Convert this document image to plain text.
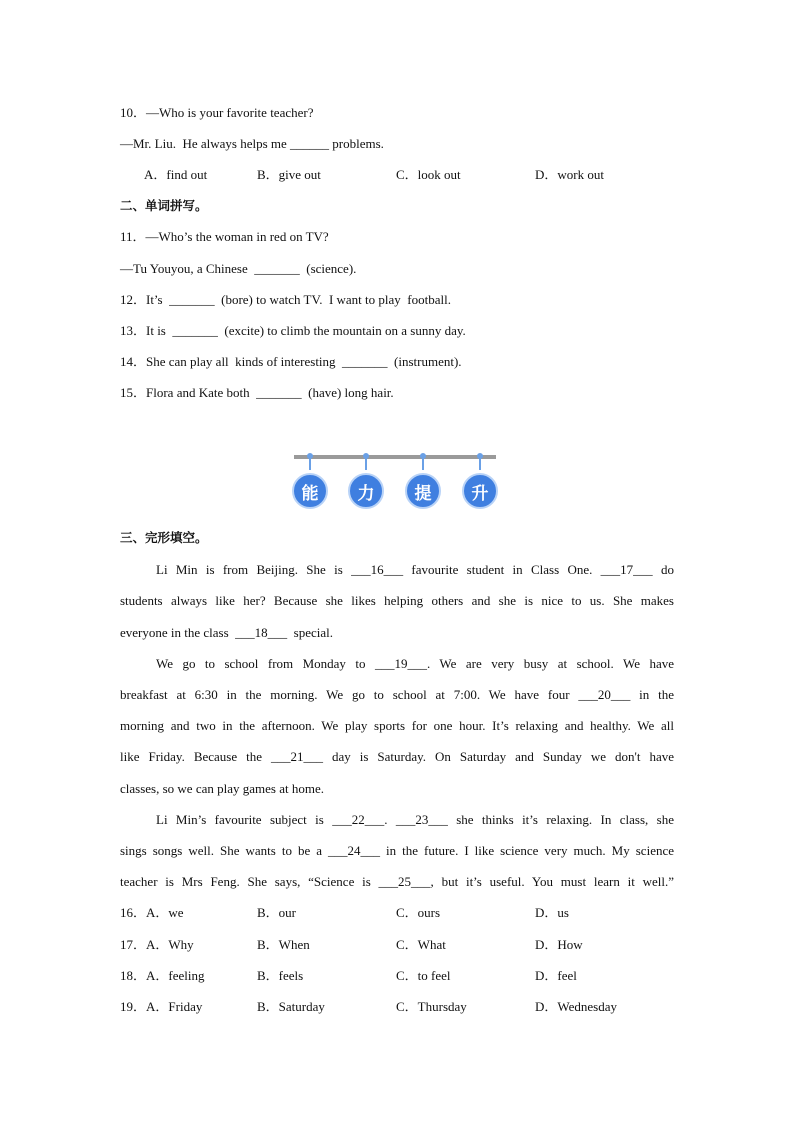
10．—Who is your favorite teacher?
—Mr. Liu.  He always helps me ______ problems.
A．find out	B．give out	C．look out	D．work out
二、单词拼写。
11．—Who’s the woman in red on TV?
—Tu Youyou, a Chinese  _______  (science).
12．It’s  _______  (bore) to watch TV.  I want to play  football.
13．It is  _______  (excite) to climb the mountain on a sunny day.
14．She can play all  kinds of interesting  _______  (instrument).
15．Flora and Kate both  _______  (have) long hair.
能	力	提	升
三、完形填空。
Li Min is from Beijing. She is ___16___ favourite student in Class One. ___17___ do
students always like her? Because she likes helping others and she is nice to us. She makes
everyone in the class  ___18___  special.
We go to school from Monday to ___19___. We are very busy at school. We have
breakfast at 6:30 in the morning. We go to school at 7:00. We have four ___20___ in the
morning and two in the afternoon. We play sports for one hour. It’s relaxing and healthy. We all
like Friday. Because the ___21___ day is Saturday. On Saturday and Sunday we don't have
classes, so we can play games at home.
Li Min’s favourite subject is ___22___. ___23___ she thinks it’s relaxing. In class, she
sings songs well. She wants to be a ___24___ in the future. I like science very much. My science
teacher is Mrs Feng. She says, “Science is ___25___, but it’s useful. You must learn it well.”
16．A．we	B．our	C．ours	D．us
17．A．Why	B．When	C．What	D．How
18．A．feeling	B．feels	C．to feel	D．feel
19．A．Friday	B．Saturday	C．Thursday	D．Wednesday
